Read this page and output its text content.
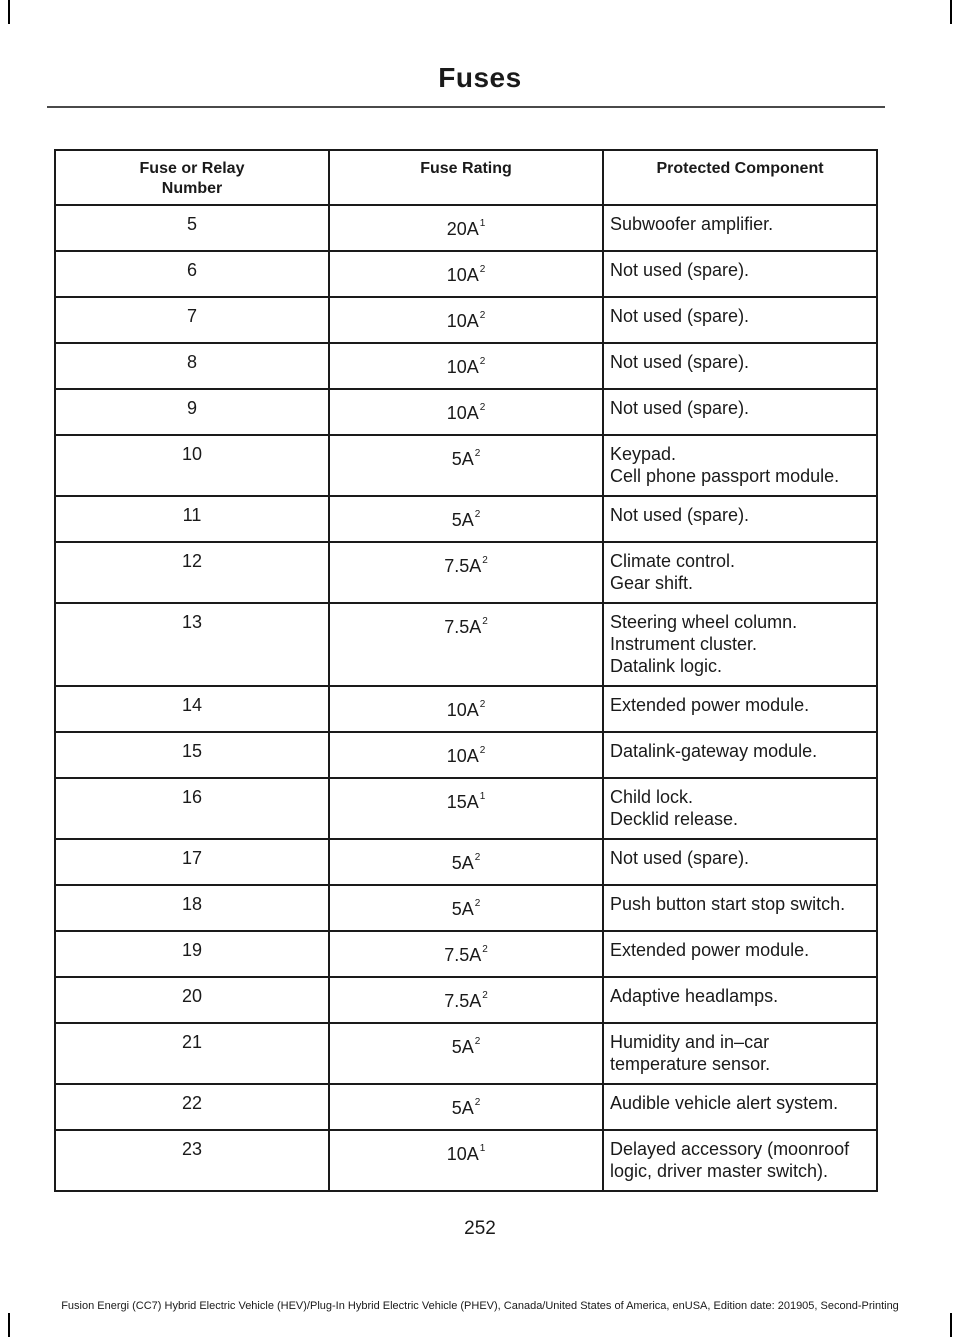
Fuses
Fuse or Relay
Number	Fuse Rating	Protected Component
5	$20A^1$	Subwoofer amplifier.

6	$10A^2$	Not used (spare).

7	$10A^2$	Not used (spare).

8	$10A^2$	Not used (spare).

9	$10A^2$	Not used (spare).

10	$5A^2$	Keypad.
Cell phone passport module.

11	$5A^2$	Not used (spare).

12	$7.5A^2$	Climate control.
Gear shift.

13	$7.5A^2$	Steering wheel column.
Instrument cluster.
Datalink logic.

14	$10A^2$	Extended power module.

15	$10A^2$	Datalink-gateway module.

16	$15A^1$	Child lock.
Decklid release.

17	$5A^2$	Not used (spare).

18	$5A^2$	Push button start stop switch.

19	$7.5A^2$	Extended power module.

20	$7.5A^2$	Adaptive headlamps.

21	$5A^2$	Humidity and in–car temperature sensor.

22	$5A^2$	Audible vehicle alert system.

23	$10A^1$	Delayed accessory (moonroof logic, driver master switch).
252
Fusion Energi (CC7) Hybrid Electric Vehicle (HEV)/Plug-In Hybrid Electric Vehicle (PHEV), Canada/United States of America, enUSA, Edition date: 201905, Second-Printing
